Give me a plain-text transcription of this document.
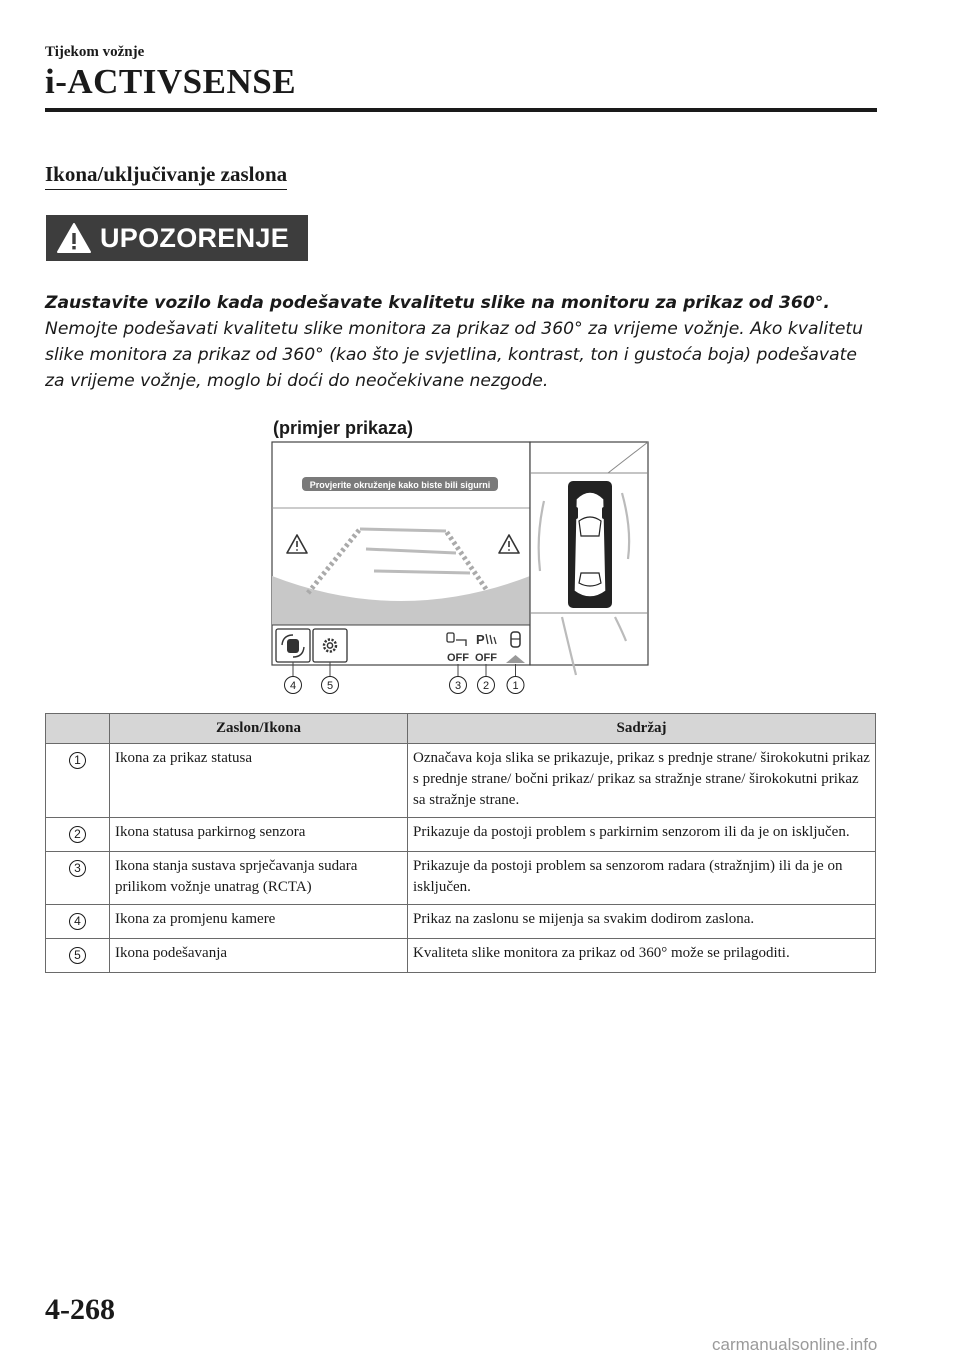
Tijekom vožnje
i-ACTIVSENSE
Ikona/uključivanje zaslona
UPOZORENJE
Zaustavite vozilo kada podešavate kvalitetu slike na monitoru za prikaz od 360°.
Nemojte podešavati kvalitetu slike monitora za prikaz od 360° za vrijeme vožnje. Ako kvalitetu slike monitora za prikaz od 360° (kao što je svjetlina, kontrast, ton i gustoća boja) podešavate za vrijeme vožnje, moglo bi doći do neočekivane nezgode.
(primjer prikaza)
Provjerite okruženje kako biste bili sigurni
OFF
P
OFF
4	5	3 2 1
	Zaslon/Ikona	Sadržaj
1	Ikona za prikaz statusa	Označava koja slika se prikazuje, prikaz s prednje strane/ širokokutni prikaz s prednje strane/ bočni prikaz/ prikaz sa stražnje strane/ širokokutni prikaz sa stražnje strane.
2	Ikona statusa parkirnog senzora	Prikazuje da postoji problem s parkirnim senzorom ili da je on isključen.
3	Ikona stanja sustava sprječavanja sudara prilikom vožnje unatrag (RCTA)	Prikazuje da postoji problem sa senzorom radara (stražnjim) ili da je on isključen.
4	Ikona za promjenu kamere	Prikaz na zaslonu se mijenja sa svakim dodirom zaslona.
5	Ikona podešavanja	Kvaliteta slike monitora za prikaz od 360° može se prilagoditi.
4-268
carmanualsonline.info
